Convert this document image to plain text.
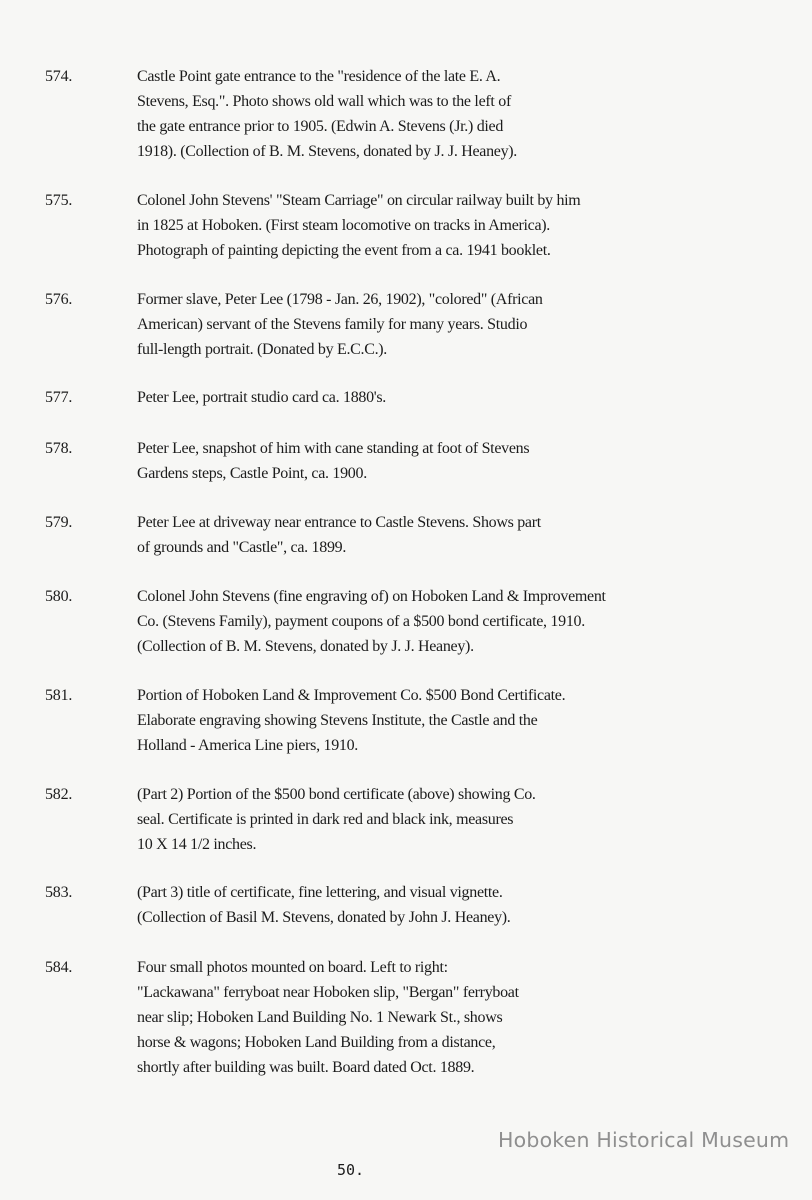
574.	Castle Point gate entrance to the "residence of the late E. A.
Stevens, Esq.". Photo shows old wall which was to the left of
the gate entrance prior to 1905. (Edwin A. Stevens (Jr.) died
1918). (Collection of B. M. Stevens, donated by J. J. Heaney).
575.	Colonel John Stevens' "Steam Carriage" on circular railway built by him
in 1825 at Hoboken. (First steam locomotive on tracks in America).
Photograph of painting depicting the event from a ca. 1941 booklet.
576.	Former slave, Peter Lee (1798 - Jan. 26, 1902), "colored" (African
American) servant of the Stevens family for many years. Studio
full-length portrait. (Donated by E.C.C.).
577.	Peter Lee, portrait studio card ca. 1880's.
578.	Peter Lee, snapshot of him with cane standing at foot of Stevens
Gardens steps, Castle Point, ca. 1900.
579.	Peter Lee at driveway near entrance to Castle Stevens. Shows part
of grounds and "Castle", ca. 1899.
580.	Colonel John Stevens (fine engraving of) on Hoboken Land & Improvement
Co. (Stevens Family), payment coupons of a $500 bond certificate, 1910.
(Collection of B. M. Stevens, donated by J. J. Heaney).
581.	Portion of Hoboken Land & Improvement Co. $500 Bond Certificate.
Elaborate engraving showing Stevens Institute, the Castle and the
Holland - America Line piers, 1910.
582.	(Part 2) Portion of the $500 bond certificate (above) showing Co.
seal. Certificate is printed in dark red and black ink, measures
10 X 14 1/2 inches.
583.	(Part 3) title of certificate, fine lettering, and visual vignette.
(Collection of Basil M. Stevens, donated by John J. Heaney).
584.	Four small photos mounted on board. Left to right:
"Lackawana" ferryboat near Hoboken slip, "Bergan" ferryboat
near slip; Hoboken Land Building No. 1 Newark St., shows
horse & wagons; Hoboken Land Building from a distance,
shortly after building was built. Board dated Oct. 1889.
Hoboken Historical Museum
50.
